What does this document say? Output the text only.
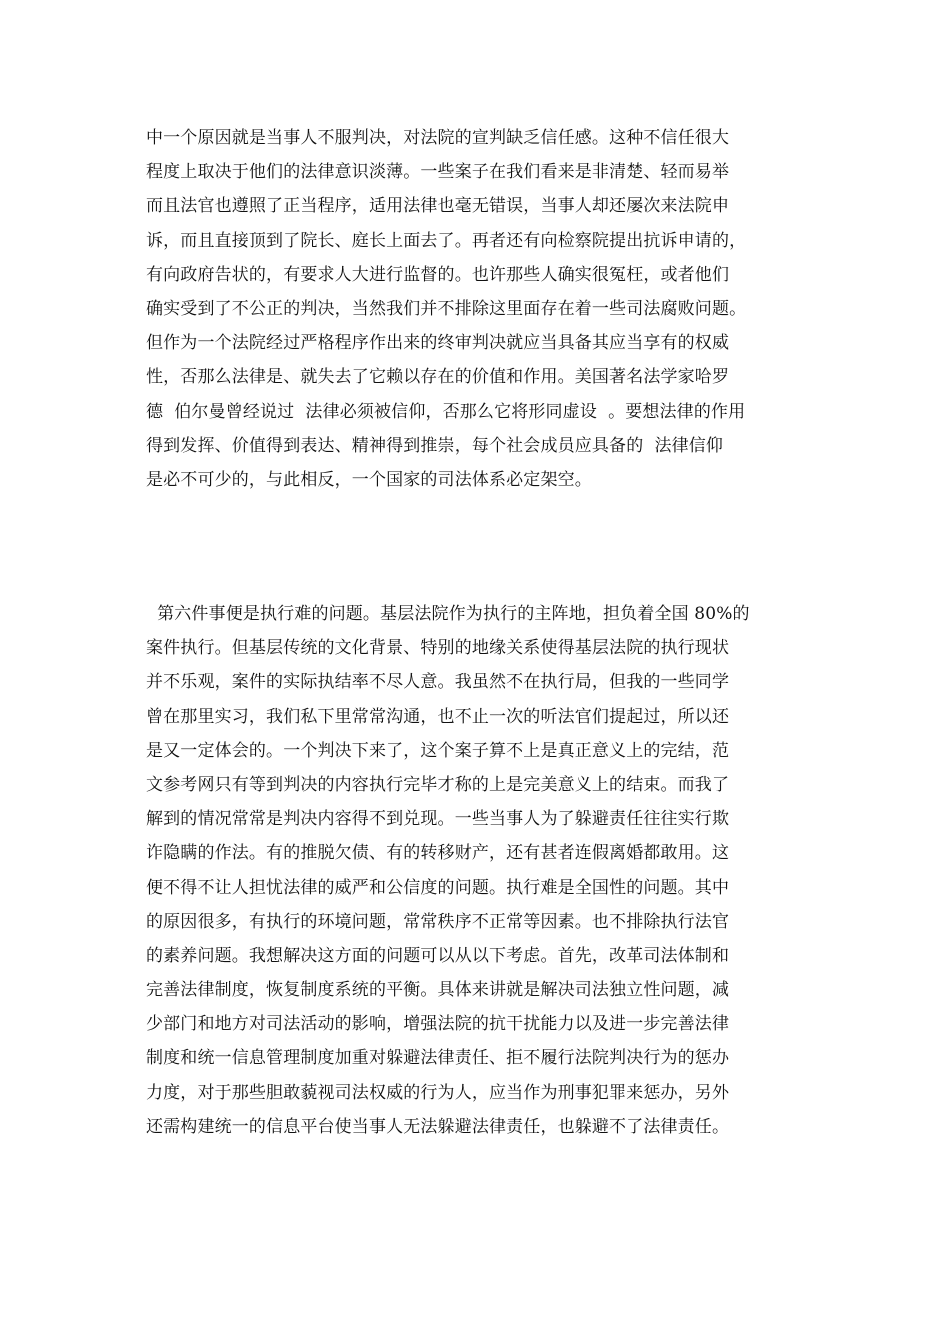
中一个原因就是当事人不服判决，对法院的宣判缺乏信任感。这种不信任很大
程度上取决于他们的法律意识淡薄。一些案子在我们看来是非清楚、轻而易举
而且法官也遵照了正当程序，适用法律也毫无错误，当事人却还屡次来法院申
诉，而且直接顶到了院长、庭长上面去了。再者还有向检察院提出抗诉申请的，
有向政府告状的，有要求人大进行监督的。也许那些人确实很冤枉，或者他们
确实受到了不公正的判决，当然我们并不排除这里面存在着一些司法腐败问题。
但作为一个法院经过严格程序作出来的终审判决就应当具备其应当享有的权威
性，否那么法律是、就失去了它赖以存在的价值和作用。美国著名法学家哈罗
德  伯尔曼曾经说过  法律必须被信仰，否那么它将形同虚设  。要想法律的作用
得到发挥、价值得到表达、精神得到推崇，每个社会成员应具备的  法律信仰
是必不可少的，与此相反，一个国家的司法体系必定架空。
第六件事便是执行难的问题。基层法院作为执行的主阵地，担负着全国 80%的
案件执行。但基层传统的文化背景、特别的地缘关系使得基层法院的执行现状
并不乐观，案件的实际执结率不尽人意。我虽然不在执行局，但我的一些同学
曾在那里实习，我们私下里常常沟通，也不止一次的听法官们提起过，所以还
是又一定体会的。一个判决下来了，这个案子算不上是真正意义上的完结，范
文参考网只有等到判决的内容执行完毕才称的上是完美意义上的结束。而我了
解到的情况常常是判决内容得不到兑现。一些当事人为了躲避责任往往实行欺
诈隐瞒的作法。有的推脱欠债、有的转移财产，还有甚者连假离婚都敢用。这
便不得不让人担忧法律的威严和公信度的问题。执行难是全国性的问题。其中
的原因很多，有执行的环境问题，常常秩序不正常等因素。也不排除执行法官
的素养问题。我想解决这方面的问题可以从以下考虑。首先，改革司法体制和
完善法律制度，恢复制度系统的平衡。具体来讲就是解决司法独立性问题，减
少部门和地方对司法活动的影响，增强法院的抗干扰能力以及进一步完善法律
制度和统一信息管理制度加重对躲避法律责任、拒不履行法院判决行为的惩办
力度，对于那些胆敢藐视司法权威的行为人，应当作为刑事犯罪来惩办，另外
还需构建统一的信息平台使当事人无法躲避法律责任，也躲避不了法律责任。
